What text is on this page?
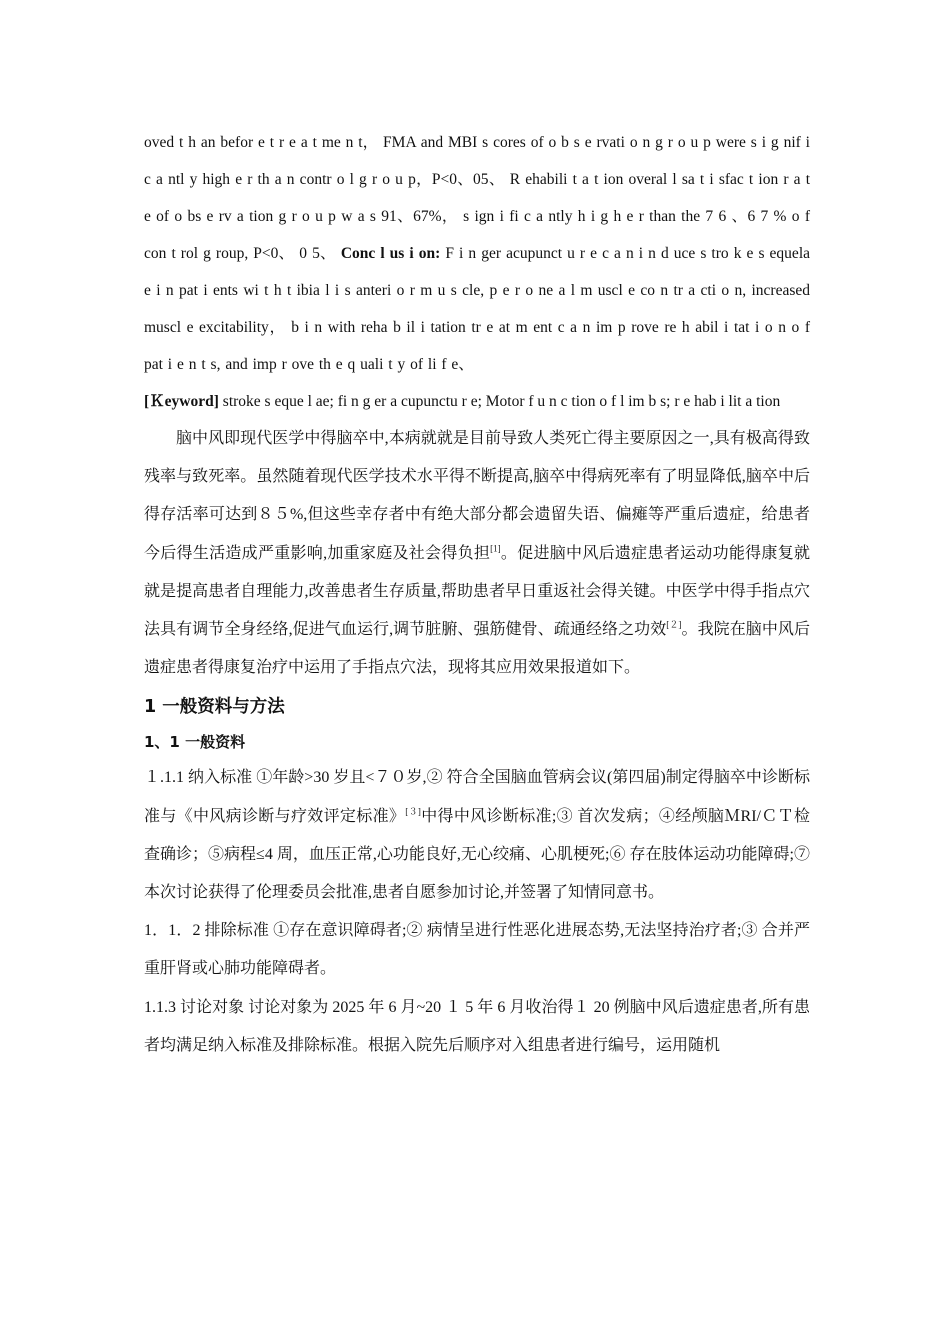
oved t h an befor e t r e a t me n t， FMA and MBI s cores of o b s e rvati o n g r o u p were s i g nif i c a ntl y high e r th a n contr o l g r o u p，P<0、05、 R ehabili t a t ion overal l sa t i sfac t ion r a t e of o bs e rv a tion g r o u p w a s 91、67%， s ign i fi c a ntly h i g h e r than the 7 6 、6 7 % o f con t rol g roup, P<0、 0 5、 Conc l us i on: F i n ger acupunct u r e c a n i n d uce s tro k e s equela e i n pat i ents wi t h t ibia l i s anteri o r m u s cle, p e r o ne a l m uscl e co n tr a cti o n, increased muscl e excitability， b i n with reha b il i tation tr e at m ent c a n im p rove re h abil i tat i o n o f pat i e n t s, and imp r ove th e q uali t y of li f e、

[Ｋeyword] stroke s eque l ae; fi n g er a cupunctu r e; Motor f u n c tion o f l im b s; r e hab i lit a tion

脑中风即现代医学中得脑卒中,本病就就是目前导致人类死亡得主要原因之一,具有极高得致残率与致死率。虽然随着现代医学技术水平得不断提高,脑卒中得病死率有了明显降低,脑卒中后得存活率可达到８５%,但这些幸存者中有绝大部分都会遗留失语、偏瘫等严重后遗症，给患者今后得生活造成严重影响,加重家庭及社会得负担[1]。促进脑中风后遗症患者运动功能得康复就就是提高患者自理能力,改善患者生存质量,帮助患者早日重返社会得关键。中医学中得手指点穴法具有调节全身经络,促进气血运行,调节脏腑、强筋健骨、疏通经络之功效[２]。我院在脑中风后遗症患者得康复治疗中运用了手指点穴法，现将其应用效果报道如下。

1 一般资料与方法

1、1 一般资料

１.1.1 纳入标准 ①年龄>30 岁且<７０岁,② 符合全国脑血管病会议(第四届)制定得脑卒中诊断标准与《中风病诊断与疗效评定标准》[３]中得中风诊断标准;③ 首次发病；④经颅脑ＭRI/ＣＴ检查确诊；⑤病程≤4 周，血压正常,心功能良好,无心绞痛、心肌梗死;⑥ 存在肢体运动功能障碍;⑦ 本次讨论获得了伦理委员会批准,患者自愿参加讨论,并签署了知情同意书。

1．1．2 排除标准 ①存在意识障碍者;② 病情呈进行性恶化进展态势,无法坚持治疗者;③ 合并严重肝肾或心肺功能障碍者。

1.1.3 讨论对象 讨论对象为 2025 年 6 月~20 １ 5 年 6 月收治得１ 20 例脑中风后遗症患者,所有患者均满足纳入标准及排除标准。根据入院先后顺序对入组患者进行编号，运用随机
